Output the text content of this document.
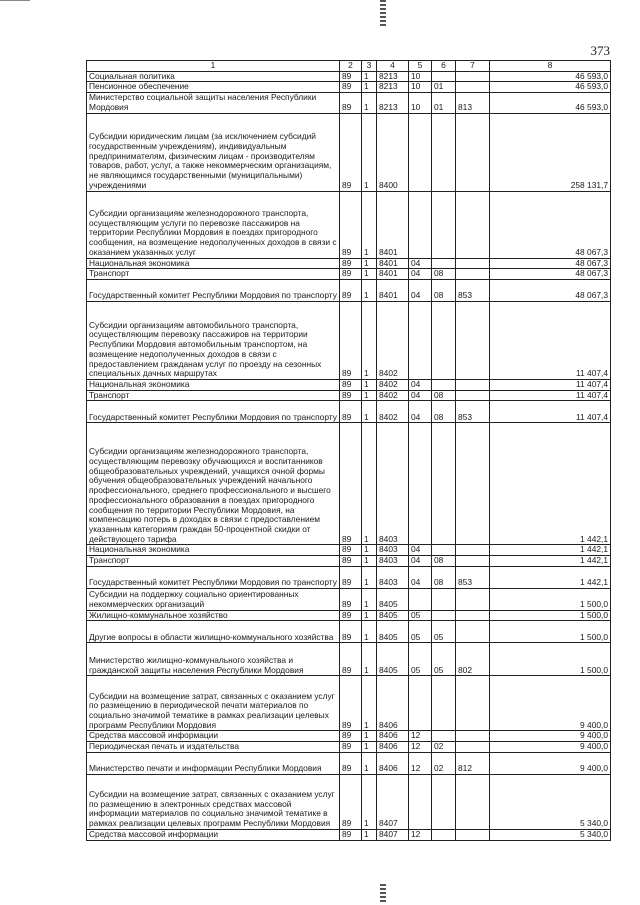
373
1	2	3	4	5	6	7	8
Социальная политика	89	1	8213	10			46 593,0
Пенсионное обеспечение	89	1	8213	10	01		46 593,0
Министерство социальной защиты населения Республики Мордовия	89	1	8213	10	01	813	46 593,0
Субсидии юридическим лицам (за исключением субсидий государственным учреждениям), индивидуальным предпринимателям, физическим лицам - производителям товаров, работ, услуг, а также некоммерческим организациям, не являющимся государственными (муниципальными) учреждениями	89	1	8400				258 131,7
Субсидии организациям железнодорожного транспорта, осуществляющим услуги по перевозке пассажиров на территории Республики Мордовия в поездах пригородного сообщения, на возмещение недополученных доходов в связи с оказанием указанных услуг	89	1	8401				48 067,3
Национальная экономика	89	1	8401	04			48 067,3
Транспорт	89	1	8401	04	08		48 067,3
Государственный комитет Республики Мордовия по транспорту	89	1	8401	04	08	853	48 067,3
Субсидии организациям автомобильного транспорта, осуществляющим перевозку пассажиров на территории Республики Мордовия автомобильным транспортом, на возмещение недополученных доходов в связи с предоставлением гражданам услуг по проезду на сезонных специальных дачных маршрутах	89	1	8402				11 407,4
Национальная экономика	89	1	8402	04			11 407,4
Транспорт	89	1	8402	04	08		11 407,4
Государственный комитет Республики Мордовия по транспорту	89	1	8402	04	08	853	11 407,4
Субсидии организациям железнодорожного транспорта, осуществляющим перевозку обучающихся и воспитанников общеобразовательных учреждений, учащихся очной формы обучения общеобразовательных учреждений начального профессионального, среднего профессионального и высшего профессионального образования в поездах пригородного сообщения по территории Республики Мордовия, на компенсацию потерь в доходах в связи с предоставлением указанным категориям граждан 50-процентной скидки от действующего тарифа	89	1	8403				1 442,1
Национальная экономика	89	1	8403	04			1 442,1
Транспорт	89	1	8403	04	08		1 442,1
Государственный комитет Республики Мордовия по транспорту	89	1	8403	04	08	853	1 442,1
Субсидии на поддержку социально ориентированных некоммерческих организаций	89	1	8405				1 500,0
Жилищно-коммунальное хозяйство	89	1	8405	05			1 500,0
Другие вопросы в области жилищно-коммунального хозяйства	89	1	8405	05	05		1 500,0
Министерство жилищно-коммунального хозяйства и гражданской защиты населения Республики Мордовия	89	1	8405	05	05	802	1 500,0
Субсидии на возмещение затрат, связанных с оказанием услуг по размещению в периодической печати материалов по социально значимой тематике в рамках реализации целевых программ Республики Мордовия	89	1	8406				9 400,0
Средства массовой информации	89	1	8406	12			9 400,0
Периодическая печать и издательства	89	1	8406	12	02		9 400,0
Министерство печати и информации Республики Мордовия	89	1	8406	12	02	812	9 400,0
Субсидии на возмещение затрат, связанных с оказанием услуг по размещению в электронных средствах массовой информации материалов по социально значимой тематике в рамках реализации целевых программ Республики Мордовия	89	1	8407				5 340,0
Средства массовой информации	89	1	8407	12			5 340,0
